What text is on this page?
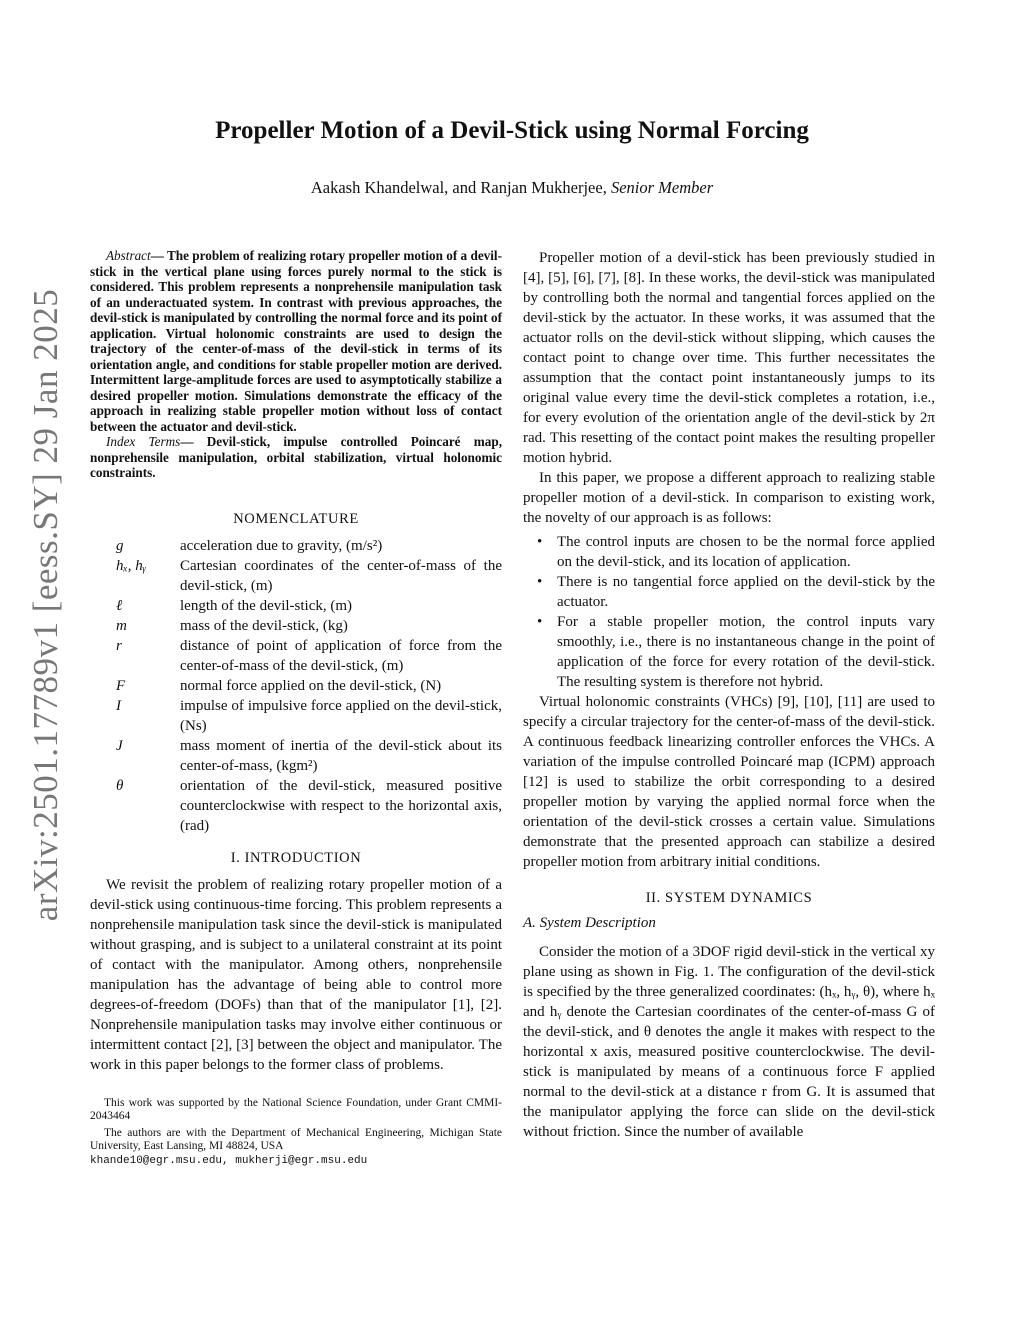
arXiv:2501.17789v1 [eess.SY] 29 Jan 2025
Propeller Motion of a Devil-Stick using Normal Forcing
Aakash Khandelwal, and Ranjan Mukherjee, Senior Member

Abstract— The problem of realizing rotary propeller motion of a devil-stick in the vertical plane using forces purely normal to the stick is considered. This problem represents a nonprehensile manipulation task of an underactuated system. In contrast with previous approaches, the devil-stick is manipulated by controlling the normal force and its point of application. Virtual holonomic constraints are used to design the trajectory of the center-of-mass of the devil-stick in terms of its orientation angle, and conditions for stable propeller motion are derived. Intermittent large-amplitude forces are used to asymptotically stabilize a desired propeller motion. Simulations demonstrate the efficacy of the approach in realizing stable propeller motion without loss of contact between the actuator and devil-stick.

Index Terms— Devil-stick, impulse controlled Poincaré map, nonprehensile manipulation, orbital stabilization, virtual holonomic constraints.

NOMENCLATURE
g	acceleration due to gravity, (m/s²)
hₓ, hᵧ	Cartesian coordinates of the center-of-mass of the devil-stick, (m)
ℓ	length of the devil-stick, (m)
m	mass of the devil-stick, (kg)
r	distance of point of application of force from the center-of-mass of the devil-stick, (m)
F	normal force applied on the devil-stick, (N)
I	impulse of impulsive force applied on the devil-stick, (Ns)
J	mass moment of inertia of the devil-stick about its center-of-mass, (kgm²)
θ	orientation of the devil-stick, measured positive counterclockwise with respect to the horizontal axis, (rad)
I. INTRODUCTION

We revisit the problem of realizing rotary propeller motion of a devil-stick using continuous-time forcing. This problem represents a nonprehensile manipulation task since the devil-stick is manipulated without grasping, and is subject to a unilateral constraint at its point of contact with the manipulator. Among others, nonprehensile manipulation has the advantage of being able to control more degrees-of-freedom (DOFs) than that of the manipulator [1], [2]. Nonprehensile manipulation tasks may involve either continuous or intermittent contact [2], [3] between the object and manipulator. The work in this paper belongs to the former class of problems.

This work was supported by the National Science Foundation, under Grant CMMI-2043464

The authors are with the Department of Mechanical Engineering, Michigan State University, East Lansing, MI 48824, USA

khande10@egr.msu.edu, mukherji@egr.msu.edu

Propeller motion of a devil-stick has been previously studied in [4], [5], [6], [7], [8]. In these works, the devil-stick was manipulated by controlling both the normal and tangential forces applied on the devil-stick by the actuator. In these works, it was assumed that the actuator rolls on the devil-stick without slipping, which causes the contact point to change over time. This further necessitates the assumption that the contact point instantaneously jumps to its original value every time the devil-stick completes a rotation, i.e., for every evolution of the orientation angle of the devil-stick by 2π rad. This resetting of the contact point makes the resulting propeller motion hybrid.

In this paper, we propose a different approach to realizing stable propeller motion of a devil-stick. In comparison to existing work, the novelty of our approach is as follows:

• The control inputs are chosen to be the normal force applied on the devil-stick, and its location of application.
• There is no tangential force applied on the devil-stick by the actuator.
• For a stable propeller motion, the control inputs vary smoothly, i.e., there is no instantaneous change in the point of application of the force for every rotation of the devil-stick. The resulting system is therefore not hybrid.

Virtual holonomic constraints (VHCs) [9], [10], [11] are used to specify a circular trajectory for the center-of-mass of the devil-stick. A continuous feedback linearizing controller enforces the VHCs. A variation of the impulse controlled Poincaré map (ICPM) approach [12] is used to stabilize the orbit corresponding to a desired propeller motion by varying the applied normal force when the orientation of the devil-stick crosses a certain value. Simulations demonstrate that the presented approach can stabilize a desired propeller motion from arbitrary initial conditions.

II. SYSTEM DYNAMICS
A. System Description

Consider the motion of a 3DOF rigid devil-stick in the vertical xy plane using as shown in Fig. 1. The configuration of the devil-stick is specified by the three generalized coordinates: (hₓ, hᵧ, θ), where hₓ and hᵧ denote the Cartesian coordinates of the center-of-mass G of the devil-stick, and θ denotes the angle it makes with respect to the horizontal x axis, measured positive counterclockwise. The devil-stick is manipulated by means of a continuous force F applied normal to the devil-stick at a distance r from G. It is assumed that the manipulator applying the force can slide on the devil-stick without friction. Since the number of available
